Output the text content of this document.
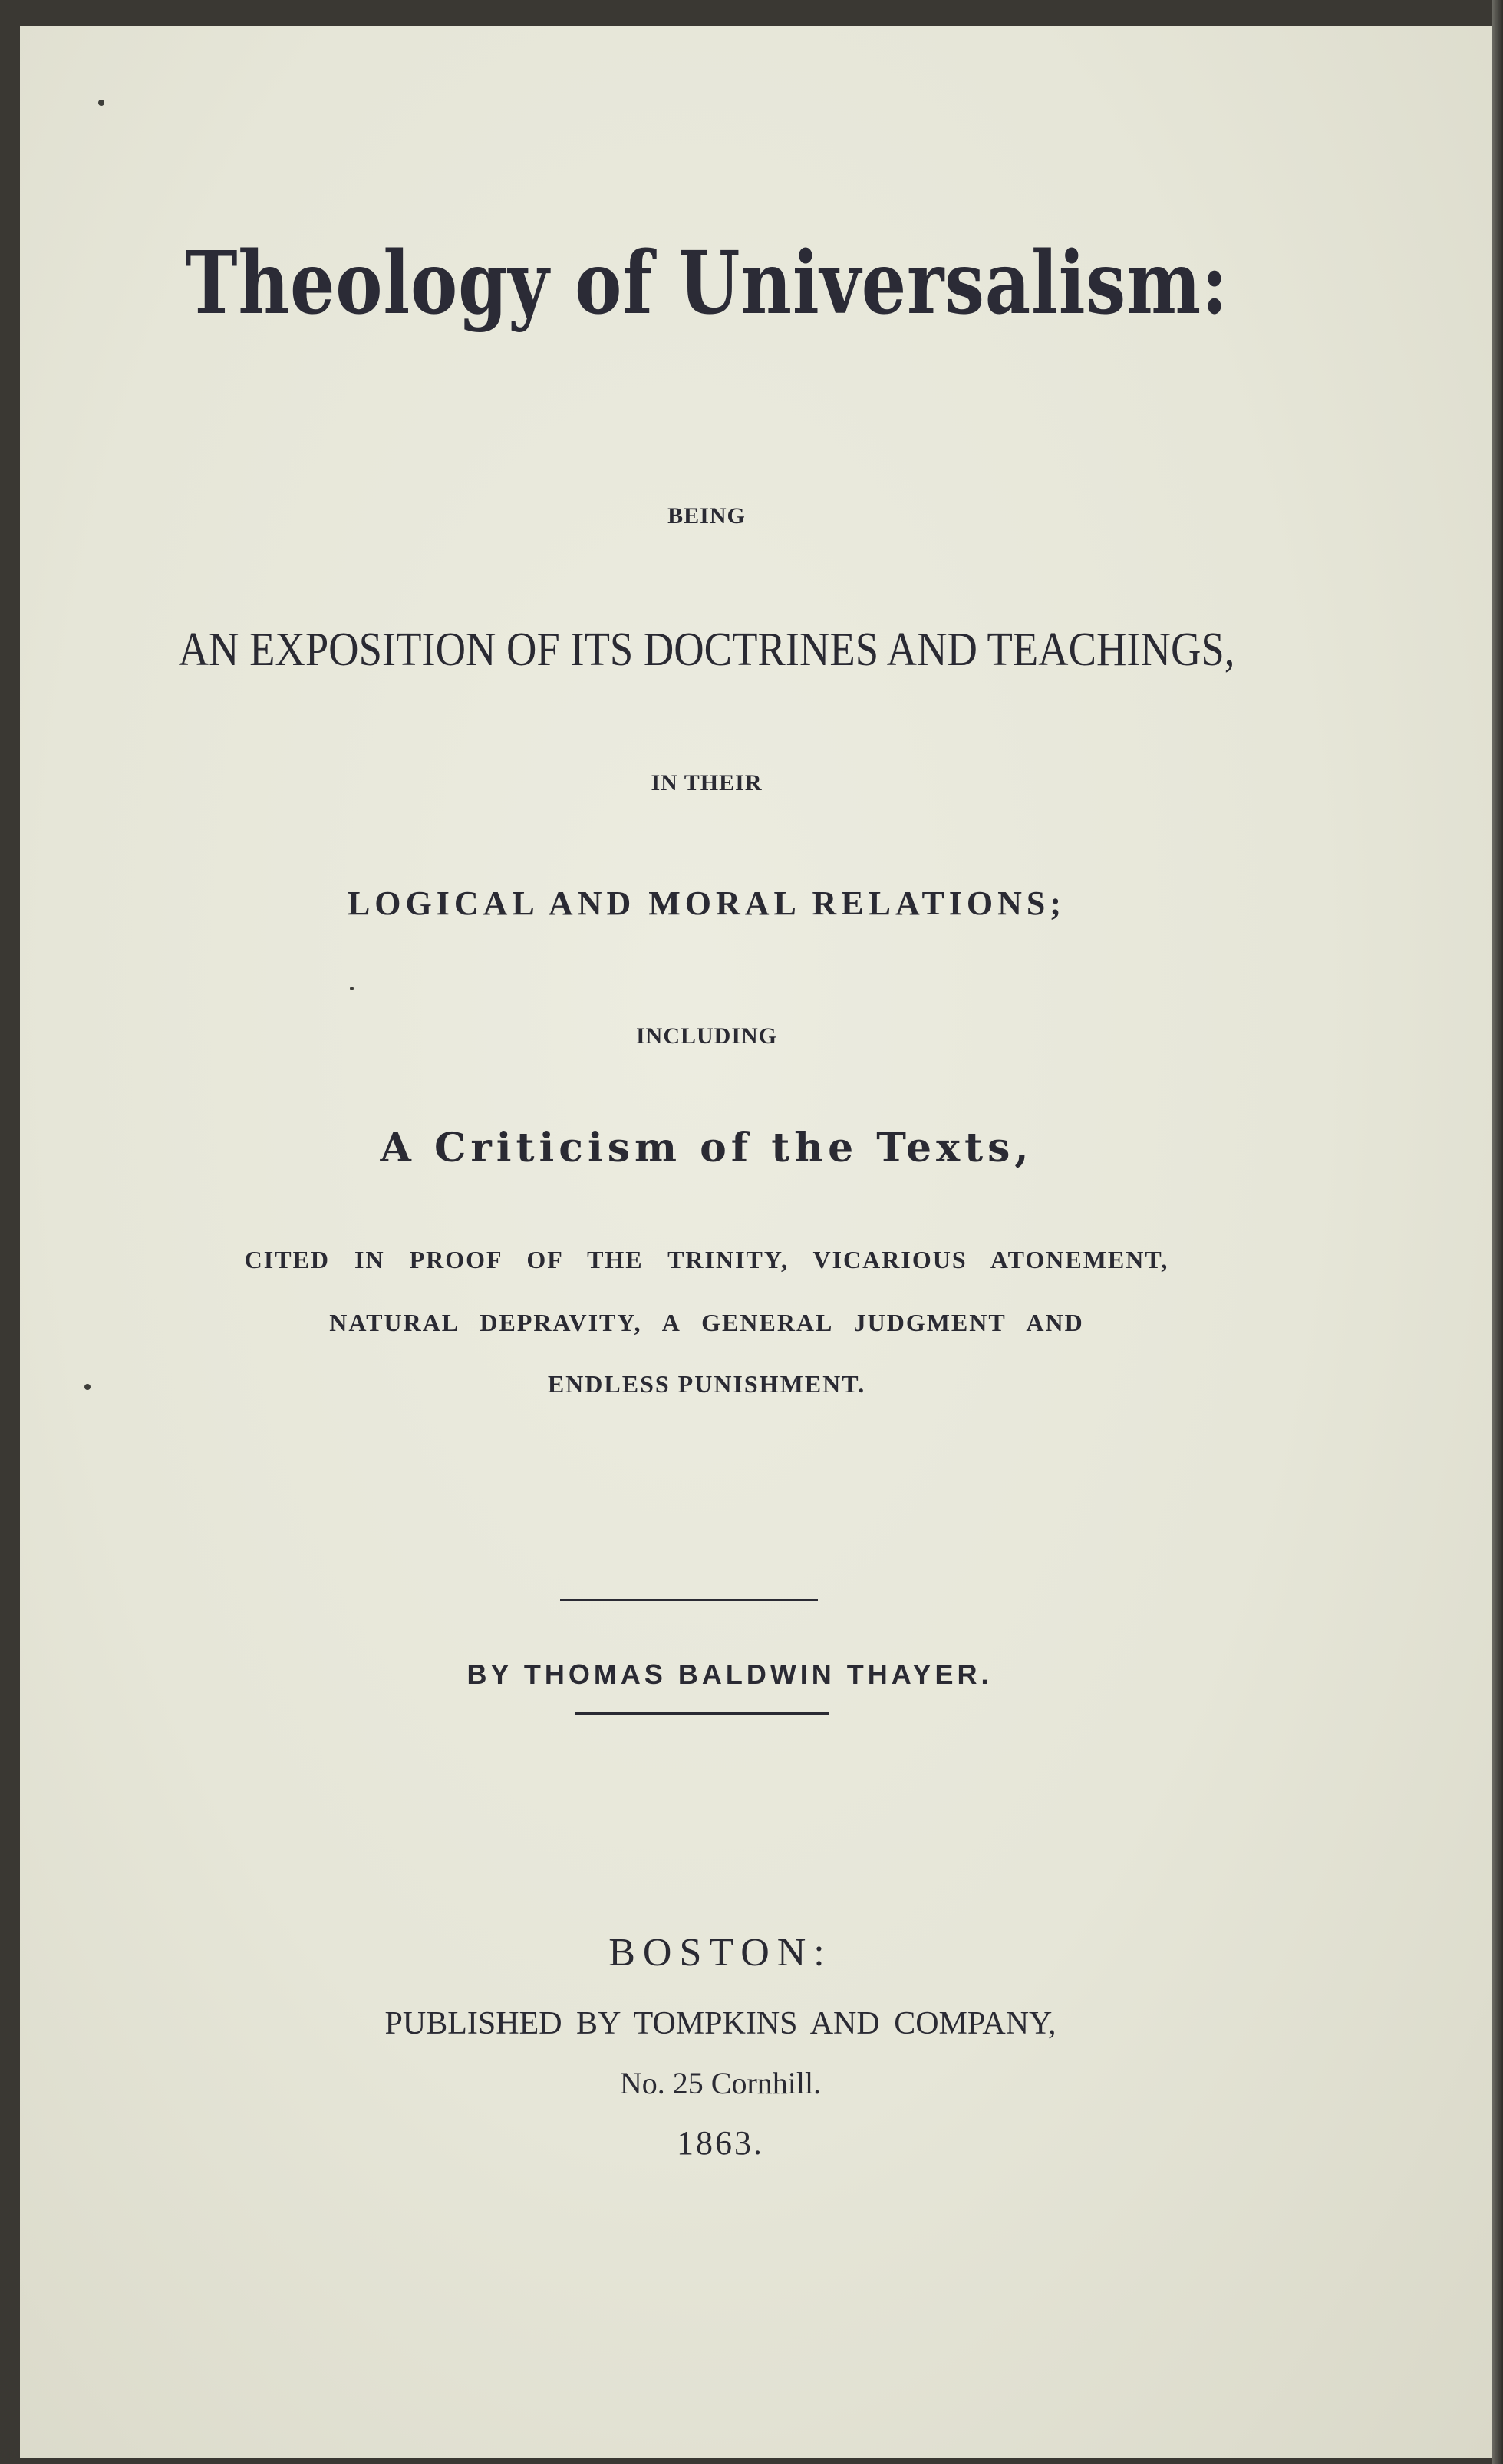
Theology of Universalism:
BEING
AN EXPOSITION OF ITS DOCTRINES AND TEACHINGS,
IN THEIR
LOGICAL AND MORAL RELATIONS;
INCLUDING
A Criticism of the Texts,
CITED IN PROOF OF THE TRINITY, VICARIOUS ATONEMENT,
NATURAL DEPRAVITY, A GENERAL JUDGMENT AND
ENDLESS PUNISHMENT.
BY THOMAS BALDWIN THAYER.
BOSTON:
PUBLISHED BY TOMPKINS AND COMPANY,
No. 25 Cornhill.
1863.
